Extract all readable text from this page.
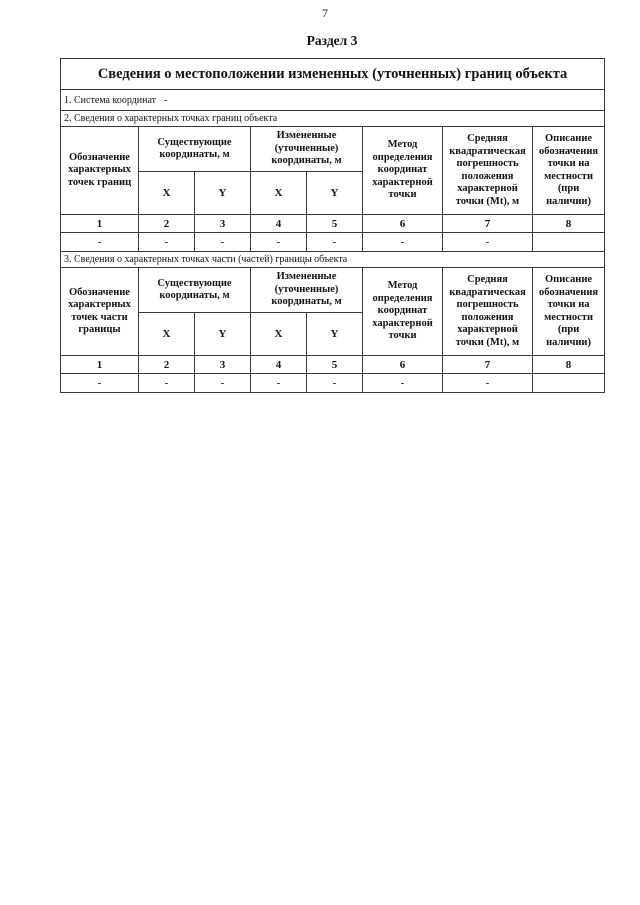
7
Раздел 3
Сведения о местоположении измененных (уточненных) границ объекта							
1. Система координат -							
2. Сведения о характерных точках границ объекта							
Обозначение характерных точек границ	Существующие координаты, м		Измененные (уточненные) координаты, м		Метод определения координат характерной точки	Средняя квадратическая погрешность положения характерной точки (Mt), м	Описание обозначения точки на местности (при наличии)
	X	Y	X	Y			
1	2	3	4	5	6	7	8
-	-	-	-	-	-	-	
3. Сведения о характерных точках части (частей) границы объекта							
Обозначение характерных точек части границы	Существующие координаты, м		Измененные (уточненные) координаты, м		Метод определения координат характерной точки	Средняя квадратическая погрешность положения характерной точки (Mt), м	Описание обозначения точки на местности (при наличии)
	X	Y	X	Y			
1	2	3	4	5	6	7	8
-	-	-	-	-	-	-	
